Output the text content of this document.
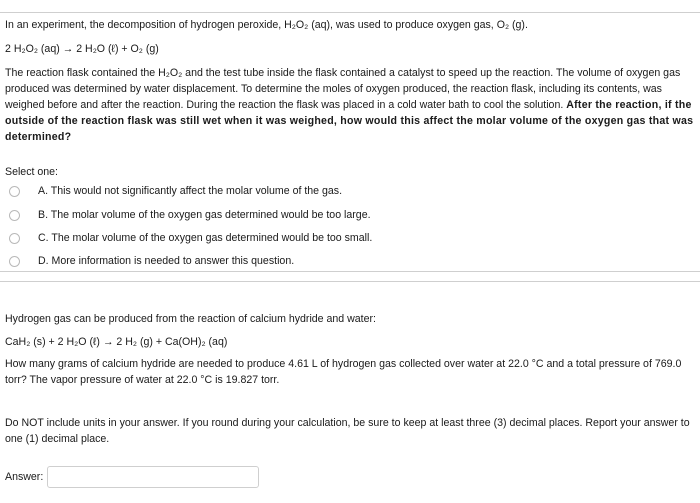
In an experiment, the decomposition of hydrogen peroxide, H₂O₂ (aq), was used to produce oxygen gas, O₂ (g).
2 H₂O₂ (aq) → 2 H₂O (ℓ) + O₂ (g)
The reaction flask contained the H₂O₂ and the test tube inside the flask contained a catalyst to speed up the reaction. The volume of oxygen gas produced was determined by water displacement. To determine the moles of oxygen produced, the reaction flask, including its contents, was weighed before and after the reaction. During the reaction the flask was placed in a cold water bath to cool the solution. After the reaction, if the outside of the reaction flask was still wet when it was weighed, how would this affect the molar volume of the oxygen gas that was determined?
Select one:
A. This would not significantly affect the molar volume of the gas.
B. The molar volume of the oxygen gas determined would be too large.
C. The molar volume of the oxygen gas determined would be too small.
D. More information is needed to answer this question.
Hydrogen gas can be produced from the reaction of calcium hydride and water:
CaH₂ (s) + 2 H₂O (ℓ) → 2 H₂ (g) + Ca(OH)₂ (aq)
How many grams of calcium hydride are needed to produce 4.61 L of hydrogen gas collected over water at 22.0 °C and a total pressure of 769.0 torr? The vapor pressure of water at 22.0 °C is 19.827 torr.
Do NOT include units in your answer. If you round during your calculation, be sure to keep at least three (3) decimal places. Report your answer to one (1) decimal place.
Answer:
